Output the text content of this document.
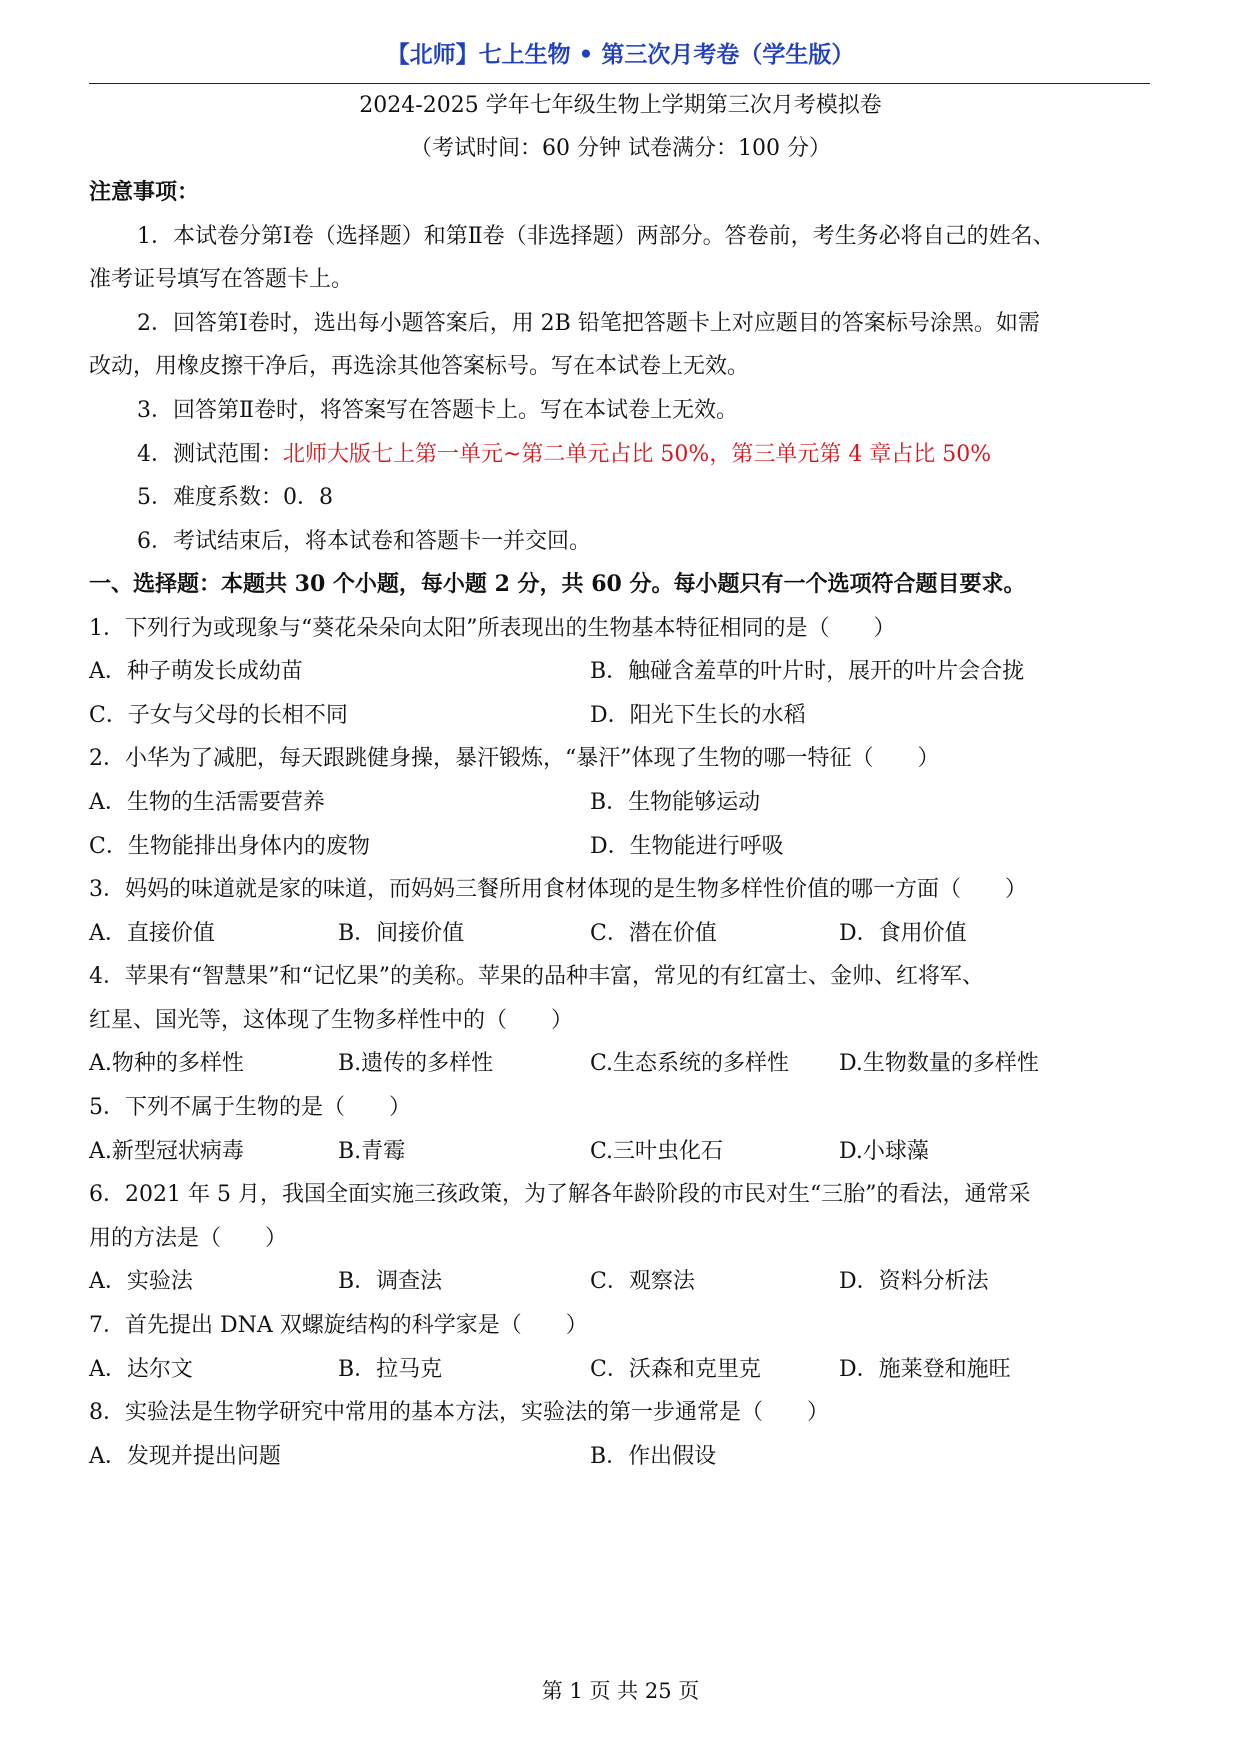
【北师】七上生物 • 第三次月考卷（学生版）
2024-2025 学年七年级生物上学期第三次月考模拟卷
（考试时间：60 分钟 试卷满分：100 分）
注意事项：
1．本试卷分第Ⅰ卷（选择题）和第Ⅱ卷（非选择题）两部分。答卷前，考生务必将自己的姓名、
准考证号填写在答题卡上。
2．回答第Ⅰ卷时，选出每小题答案后，用 2B 铅笔把答题卡上对应题目的答案标号涂黑。如需
改动，用橡皮擦干净后，再选涂其他答案标号。写在本试卷上无效。
3．回答第Ⅱ卷时，将答案写在答题卡上。写在本试卷上无效。
4．测试范围：北师大版七上第一单元~第二单元占比 50%，第三单元第 4 章占比 50%
5．难度系数：0．8
6．考试结束后，将本试卷和答题卡一并交回。
一、选择题：本题共 30 个小题，每小题 2 分，共 60 分。每小题只有一个选项符合题目要求。
1．下列行为或现象与“葵花朵朵向太阳”所表现出的生物基本特征相同的是（　　）
A．种子萌发长成幼苗	B．触碰含羞草的叶片时，展开的叶片会合拢
C．子女与父母的长相不同	D．阳光下生长的水稻
2．小华为了减肥，每天跟跳健身操，暴汗锻炼，“暴汗”体现了生物的哪一特征（　　）
A．生物的生活需要营养	B．生物能够运动
C．生物能排出身体内的废物	D．生物能进行呼吸
3．妈妈的味道就是家的味道，而妈妈三餐所用食材体现的是生物多样性价值的哪一方面（　　）
A．直接价值	B．间接价值	C．潜在价值	D．食用价值
4．苹果有“智慧果”和“记忆果”的美称。苹果的品种丰富，常见的有红富士、金帅、红将军、
红星、国光等，这体现了生物多样性中的（　　）
A.物种的多样性	B.遗传的多样性	C.生态系统的多样性 D.生物数量的多样性
5．下列不属于生物的是（　　）
A.新型冠状病毒	B.青霉	C.三叶虫化石	D.小球藻
6．2021 年 5 月，我国全面实施三孩政策，为了解各年龄阶段的市民对生“三胎”的看法，通常采
用的方法是（　　）
A．实验法	B．调查法	C．观察法	D．资料分析法
7．首先提出 DNA 双螺旋结构的科学家是（　　）
A．达尔文	B．拉马克	C．沃森和克里克	D．施莱登和施旺
8．实验法是生物学研究中常用的基本方法，实验法的第一步通常是（　　）
A．发现并提出问题	B．作出假设
第 1 页 共 25 页
